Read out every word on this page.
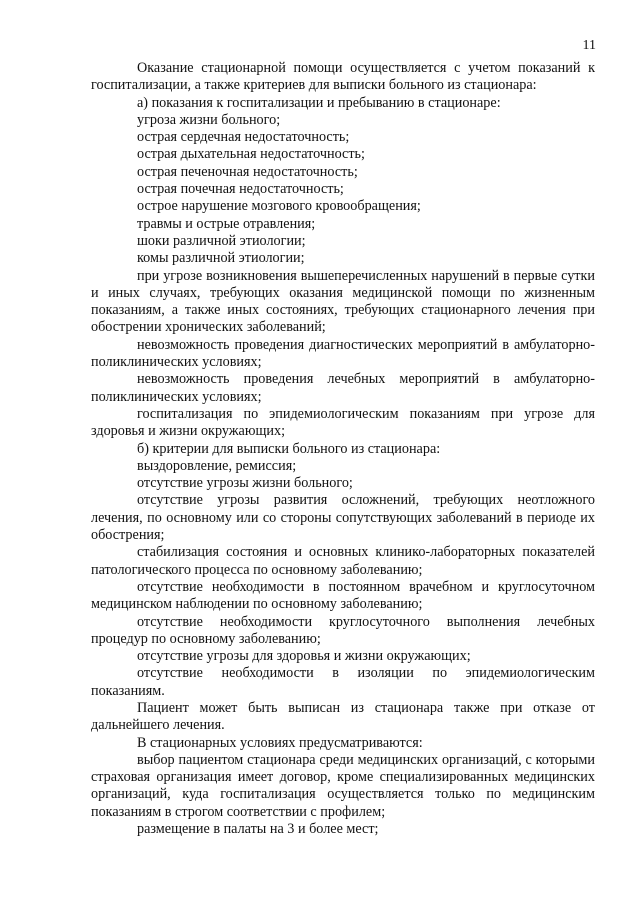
11

Оказание стационарной помощи осуществляется с учетом показаний к госпитализации, а также критериев для выписки больного из стационара:

а) показания к госпитализации и пребыванию в стационаре:

угроза жизни больного;

острая сердечная недостаточность;

острая дыхательная недостаточность;

острая печеночная недостаточность;

острая почечная недостаточность;

острое нарушение мозгового кровообращения;

травмы и острые отравления;

шоки различной этиологии;

комы различной этиологии;

при угрозе возникновения вышеперечисленных нарушений в первые сутки и иных случаях, требующих оказания медицинской помощи по жизненным показаниям, а также иных состояниях, требующих стационарного лечения при обострении хронических заболеваний;

невозможность проведения диагностических мероприятий в амбулаторно-поликлинических условиях;

невозможность проведения лечебных мероприятий в амбулаторно-поликлинических условиях;

госпитализация по эпидемиологическим показаниям при угрозе для здоровья и жизни окружающих;

б) критерии для выписки больного из стационара:

выздоровление, ремиссия;

отсутствие угрозы жизни больного;

отсутствие угрозы развития осложнений, требующих неотложного лечения, по основному или со стороны сопутствующих заболеваний в периоде их обострения;

стабилизация состояния и основных клинико-лабораторных показателей патологического процесса по основному заболеванию;

отсутствие необходимости в постоянном врачебном и круглосуточном медицинском наблюдении по основному заболеванию;

отсутствие необходимости круглосуточного выполнения лечебных процедур по основному заболеванию;

отсутствие угрозы для здоровья и жизни окружающих;

отсутствие необходимости в изоляции по эпидемиологическим показаниям.

Пациент может быть выписан из стационара также при отказе от дальнейшего лечения.

В стационарных условиях предусматриваются:

выбор пациентом стационара среди медицинских организаций, с которыми страховая организация имеет договор, кроме специализированных медицинских организаций, куда госпитализация осуществляется только по медицинским показаниям в строгом соответствии с профилем;

размещение в палаты на 3 и более мест;
